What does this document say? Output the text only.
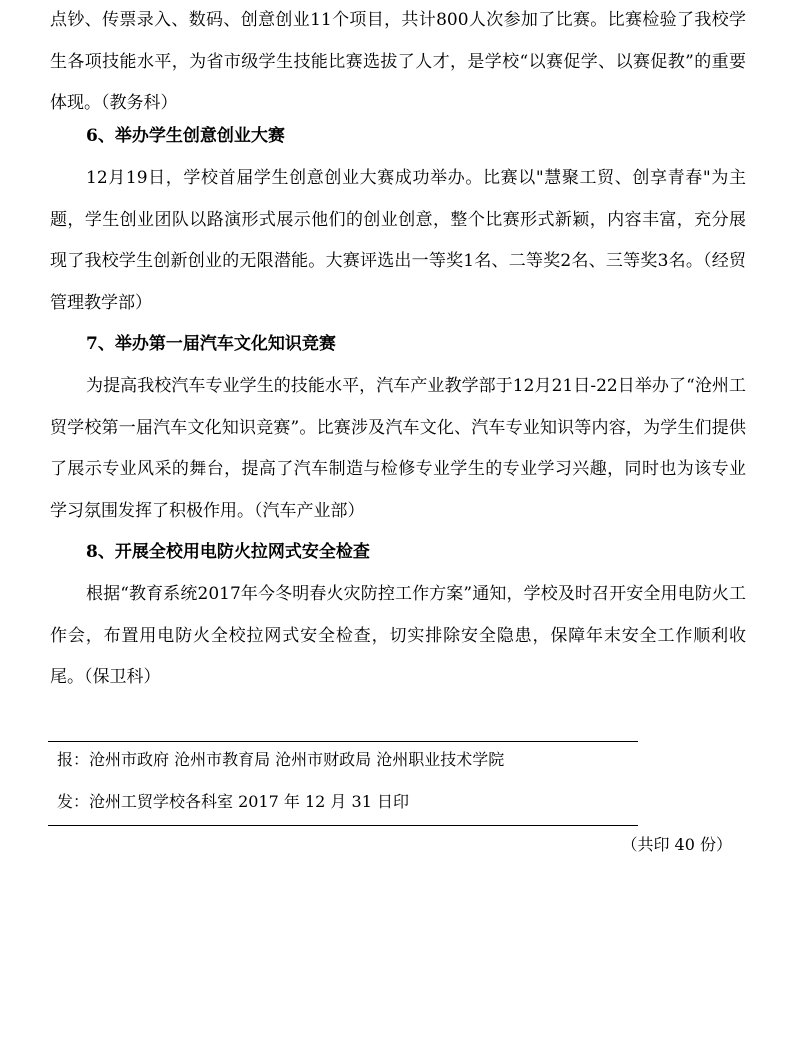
点钞、传票录入、数码、创意创业11个项目，共计800人次参加了比赛。比赛检验了我校学生各项技能水平，为省市级学生技能比赛选拔了人才，是学校“以赛促学、以赛促教”的重要体现。（教务科）

6、举办学生创意创业大赛

12月19日，学校首届学生创意创业大赛成功举办。比赛以"慧聚工贸、创享青春"为主题，学生创业团队以路演形式展示他们的创业创意，整个比赛形式新颖，内容丰富，充分展现了我校学生创新创业的无限潜能。大赛评选出一等奖1名、二等奖2名、三等奖3名。（经贸管理教学部）

7、举办第一届汽车文化知识竞赛

为提高我校汽车专业学生的技能水平，汽车产业教学部于12月21日-22日举办了“沧州工贸学校第一届汽车文化知识竞赛”。比赛涉及汽车文化、汽车专业知识等内容，为学生们提供了展示专业风采的舞台，提高了汽车制造与检修专业学生的专业学习兴趣，同时也为该专业学习氛围发挥了积极作用。（汽车产业部）

8、开展全校用电防火拉网式安全检查

根据“教育系统2017年今冬明春火灾防控工作方案”通知，学校及时召开安全用电防火工作会，布置用电防火全校拉网式安全检查，切实排除安全隐患，保障年末安全工作顺利收尾。（保卫科）

报：沧州市政府 沧州市教育局 沧州市财政局 沧州职业技术学院

发：沧州工贸学校各科室 2017 年 12 月 31 日印

（共印 40 份）
